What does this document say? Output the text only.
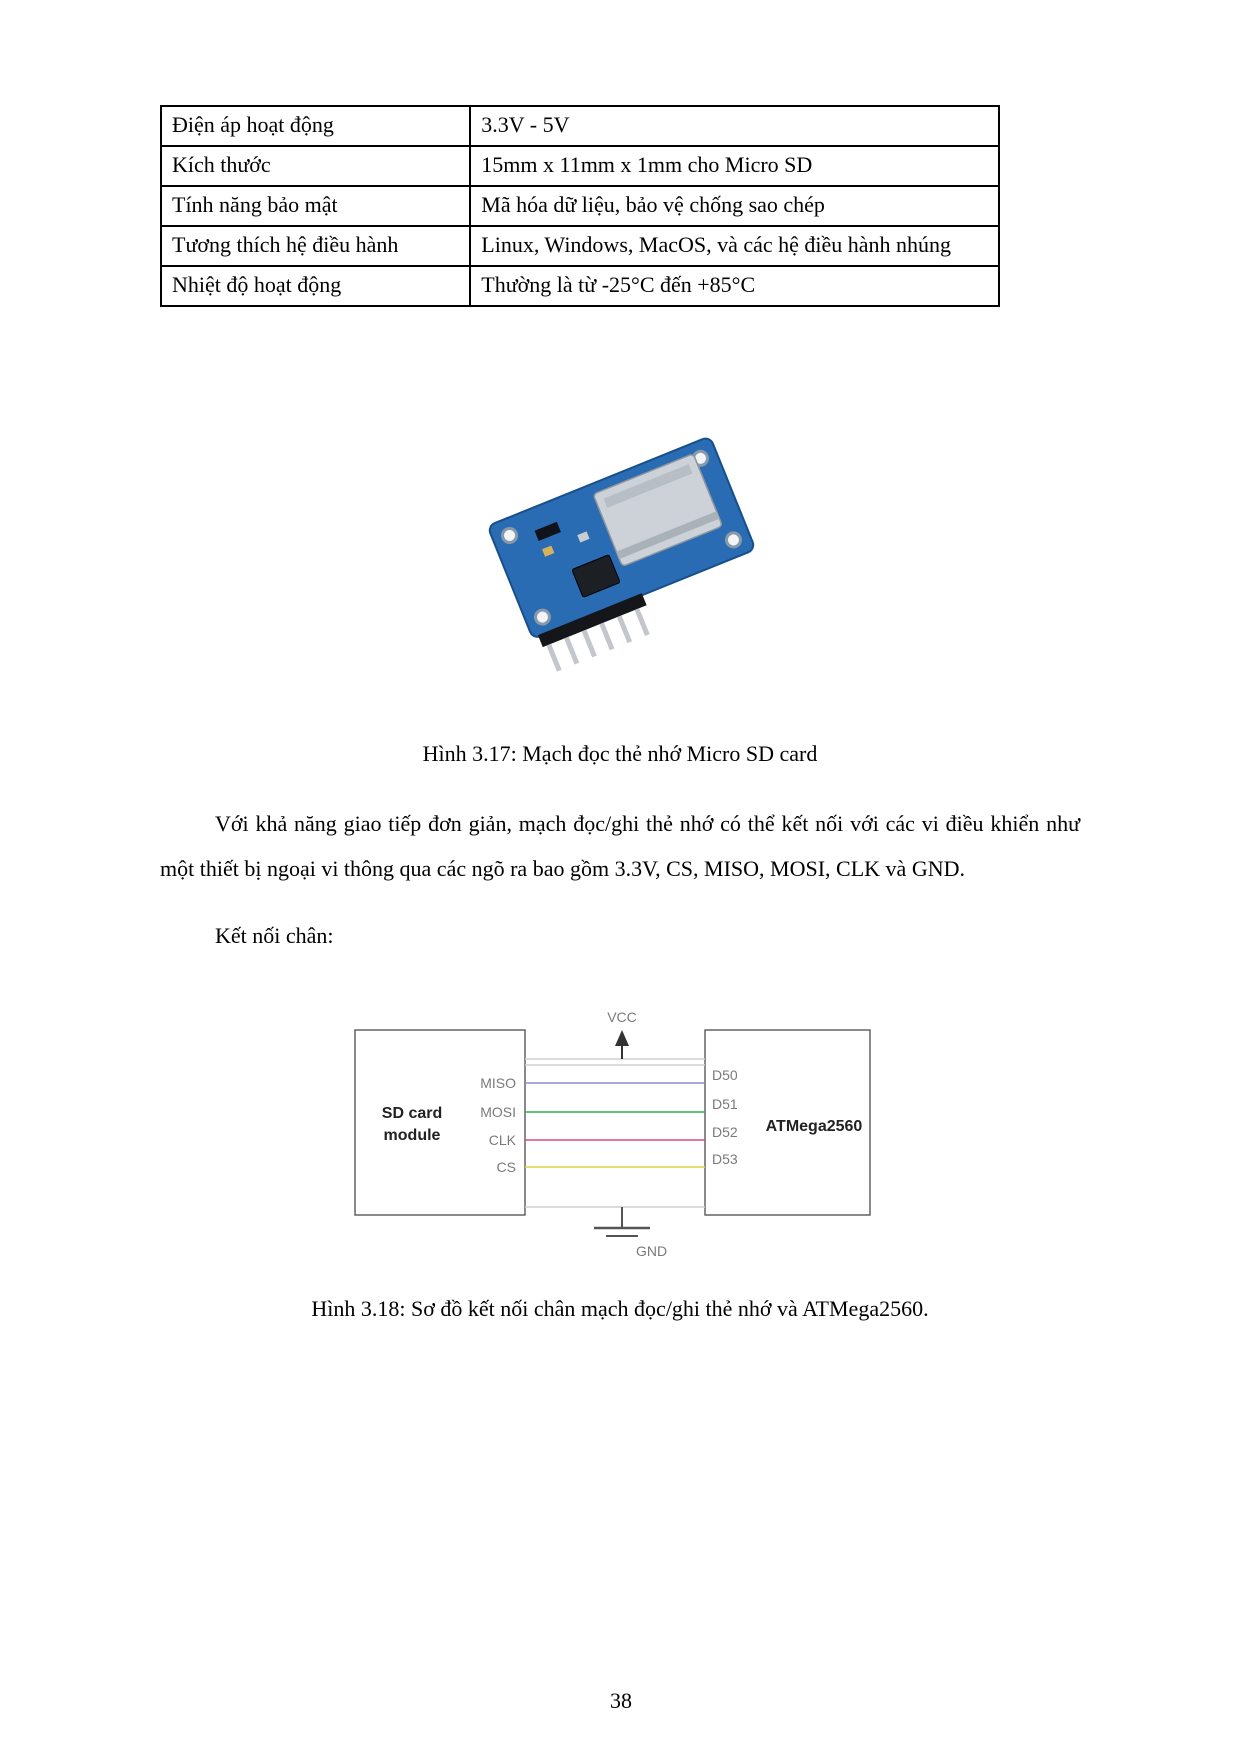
Điện áp hoạt động	3.3V - 5V
Kích thước	15mm x 11mm x 1mm cho Micro SD
Tính năng bảo mật	Mã hóa dữ liệu, bảo vệ chống sao chép
Tương thích hệ điều hành	Linux, Windows, MacOS, và các hệ điều hành nhúng
Nhiệt độ hoạt động	Thường là từ -25°C đến +85°C

Hình 3.17: Mạch đọc thẻ nhớ Micro SD card

Với khả năng giao tiếp đơn giản, mạch đọc/ghi thẻ nhớ có thể kết nối với các vi điều khiển như một thiết bị ngoại vi thông qua các ngõ ra bao gồm 3.3V, CS, MISO, MOSI, CLK và GND.

Kết nối chân:

VCC
MISO
MOSI
CLK
CS
D50
D51
D52
D53
SD card
module
ATMega2560
GND

Hình 3.18: Sơ đồ kết nối chân mạch đọc/ghi thẻ nhớ và ATMega2560.

38
